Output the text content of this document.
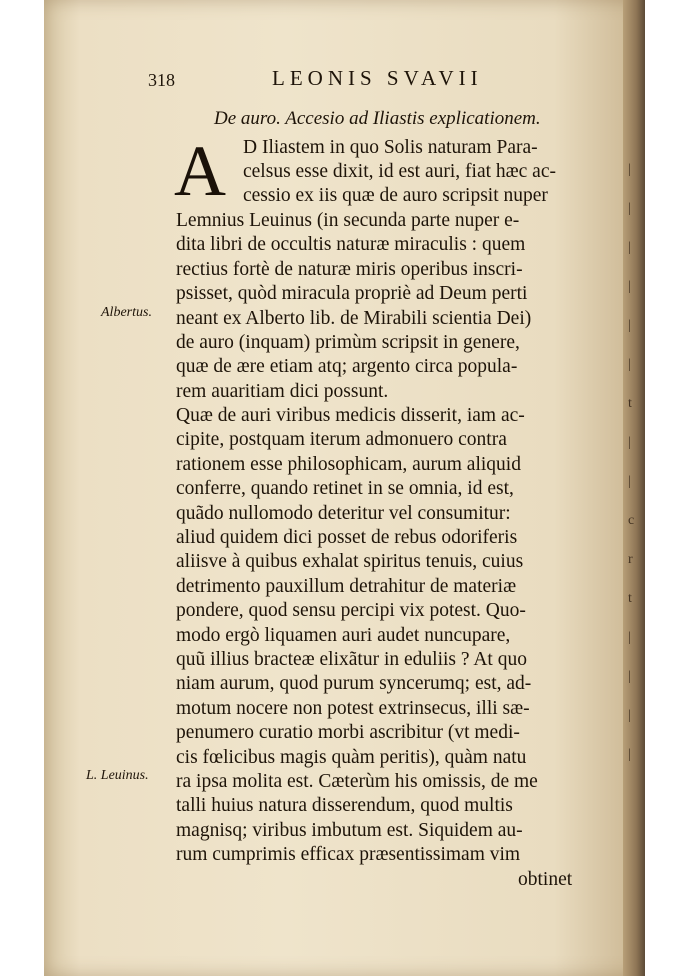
|
|
|
|
|
|
t
|
|
c
r
t
|
|
|
|
318	LEONIS SVAVII
De auro. Accesio ad Iliastis explicationem.
A D Iliastem in quo Solis naturam Para-
celsus esse dixit, id est auri, fiat hæc ac-
cessio ex iis quæ de auro scripsit nuper
Lemnius Leuinus (in secunda parte nuper e-
dita libri de occultis naturæ miraculis : quem
rectius fortè de naturæ miris operibus inscri-
psisset, quòd miracula propriè ad Deum perti
neant ex Alberto lib. de Mirabili scientia Dei)
de auro (inquam) primùm scripsit in genere,
quæ de ære etiam atq; argento circa popula-
rem auaritiam dici possunt.
Quæ de auri viribus medicis disserit, iam ac-
cipite, postquam iterum admonuero contra
rationem esse philosophicam, aurum aliquid
conferre, quando retinet in se omnia, id est,
quãdo nullomodo deteritur vel consumitur:
aliud quidem dici posset de rebus odoriferis
aliisve à quibus exhalat spiritus tenuis, cuius
detrimento pauxillum detrahitur de materiæ
pondere, quod sensu percipi vix potest. Quo-
modo ergò liquamen auri audet nuncupare,
quũ illius bracteæ elixãtur in eduliis ? At quo
niam aurum, quod purum syncerumq; est, ad-
motum nocere non potest extrinsecus, illi sæ-
penumero curatio morbi ascribitur (vt medi-
cis fœlicibus magis quàm peritis), quàm natu
ra ipsa molita est. Cæterùm his omissis, de me
talli huius natura disserendum, quod multis
magnisq; viribus imbutum est. Siquidem au-
rum cumprimis efficax præsentissimam vim
obtinet
Albertus.
L. Leuinus.
